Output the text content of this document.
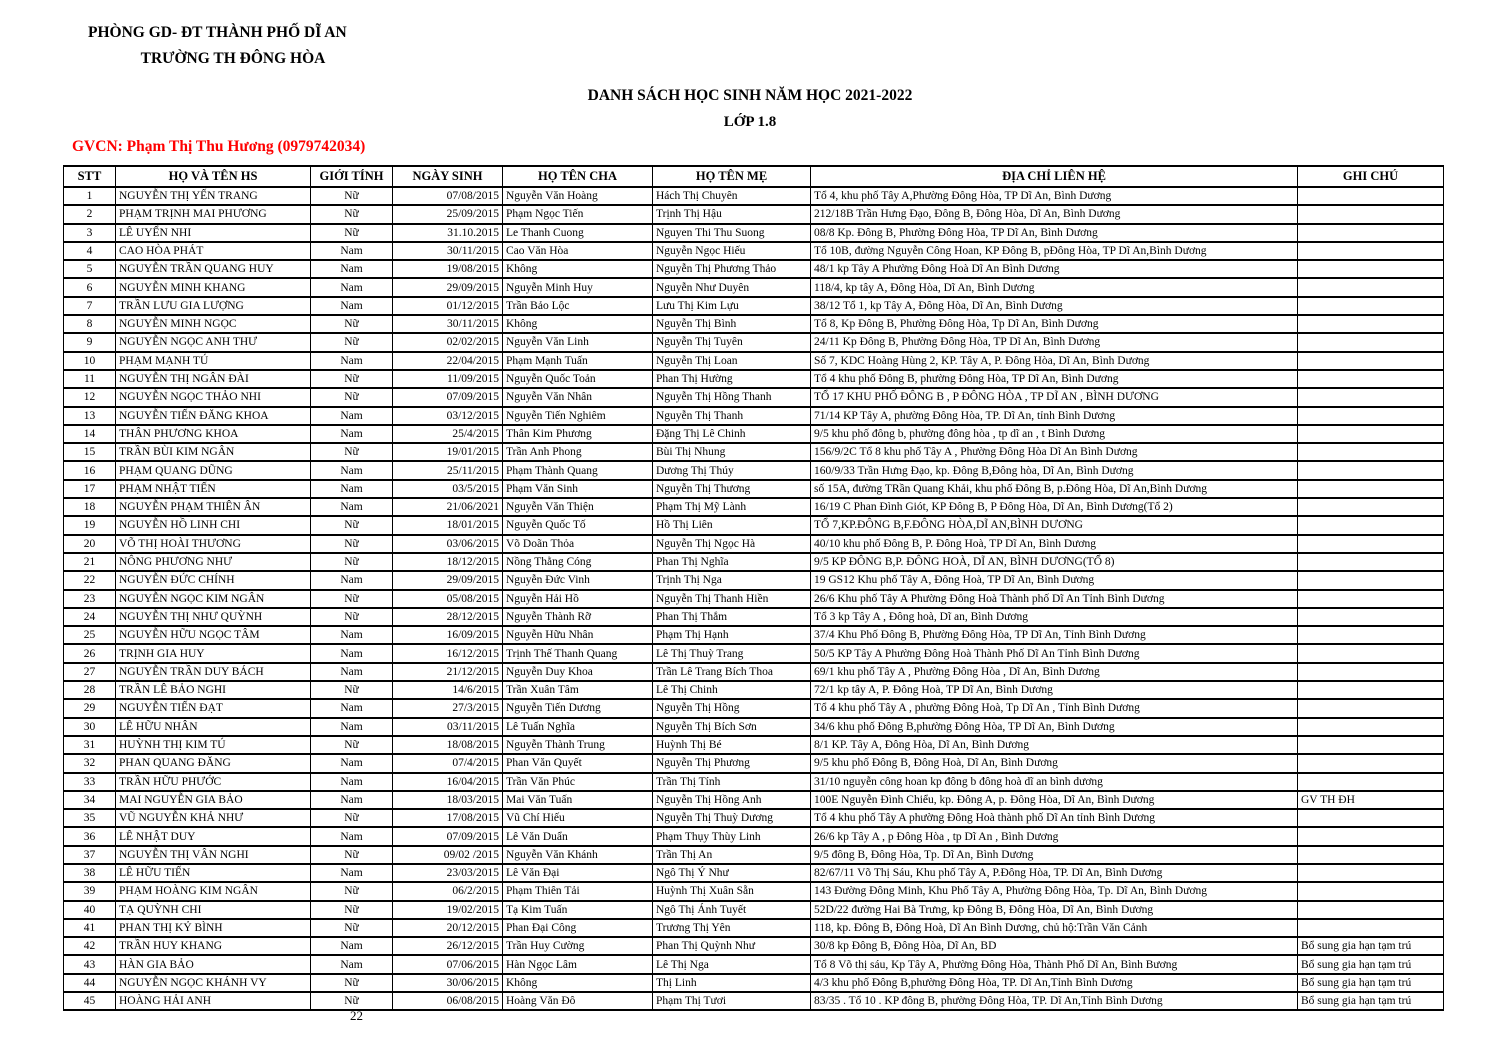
PHÒNG GD- ĐT THÀNH PHỐ DĨ AN
TRƯỜNG TH ĐÔNG HÒA
DANH SÁCH HỌC SINH NĂM HỌC 2021-2022
LỚP 1.8
GVCN: Phạm Thị Thu Hương (0979742034)
STT	HỌ VÀ TÊN HS	GIỚI TÍNH	NGÀY SINH	HỌ TÊN CHA	HỌ TÊN MẸ	ĐỊA CHỈ LIÊN HỆ	GHI CHÚ
1	NGUYỄN THỊ YẾN TRANG	Nữ	07/08/2015	Nguyễn Văn Hoàng	Hách Thị Chuyên	Tổ 4, khu phố Tây A,Phường Đông Hòa, TP Dĩ An, Bình Dương	
2	PHẠM TRỊNH MAI PHƯƠNG	Nữ	25/09/2015	Phạm Ngọc Tiến	Trịnh Thị Hậu	212/18B Trần Hưng Đạo, Đông B, Đông Hòa, Dĩ An, Bình Dương	
3	LÊ UYỂN NHI	Nữ	31.10.2015	Le Thanh Cuong	Nguyen Thi Thu Suong	08/8 Kp. Đông B, Phường Đông Hòa, TP Dĩ An, Bình Dương	
4	CAO HÒA PHÁT	Nam	30/11/2015	Cao Văn Hòa	Nguyễn Ngọc Hiếu	Tổ 10B, đường Nguyễn Công Hoan, KP Đông B, pĐông Hòa, TP Dĩ An,Bình Dương	
5	NGUYỄN TRẦN QUANG HUY	Nam	19/08/2015	Không	Nguyễn Thị Phương Thảo	48/1 kp Tây A Phường Đông Hoà Dĩ An Bình Dương	
6	NGUYỄN MINH KHANG	Nam	29/09/2015	Nguyễn Minh Huy	Nguyễn Như Duyên	118/4, kp tây A, Đông Hòa, Dĩ An, Bình Dương	
7	TRẦN LƯU GIA LƯỢNG	Nam	01/12/2015	Trần Bảo Lộc	Lưu Thị Kim Lựu	38/12 Tổ 1, kp Tây A, Đông Hòa, Dĩ An, Bình Dương	
8	NGUYỄN MINH NGỌC	Nữ	30/11/2015	Không	Nguyễn Thị Bình	Tổ 8, Kp Đông B, Phường Đông Hòa, Tp Dĩ An, Bình Dương	
9	NGUYỄN NGỌC ANH THƯ	Nữ	02/02/2015	Nguyễn Văn Linh	Nguyễn Thị Tuyên	24/11 Kp Đông B, Phường Đông Hòa, TP Dĩ An, Bình Dương	
10	PHẠM MẠNH TÚ	Nam	22/04/2015	Phạm Mạnh Tuấn	Nguyễn Thị Loan	Số 7, KDC Hoàng Hùng 2, KP. Tây A, P. Đông Hòa, Dĩ An, Bình Dương	
11	NGUYỄN THỊ NGÂN ĐÀI	Nữ	11/09/2015	Nguyễn Quốc Toản	Phan Thị Hường	Tổ 4 khu phố Đông B, phường Đông Hòa, TP Dĩ An, Bình Dương	
12	NGUYỄN NGỌC THẢO NHI	Nữ	07/09/2015	Nguyễn Văn Nhân	Nguyễn Thị Hồng Thanh	TỔ 17 KHU PHỐ ĐÔNG B , P ĐÔNG HÒA , TP DĨ AN , BÌNH DƯƠNG	
13	NGUYỄN TIẾN ĐĂNG KHOA	Nam	03/12/2015	Nguyễn Tiến Nghiêm	Nguyễn Thị Thanh	71/14 KP Tây A, phường Đông Hòa, TP. Dĩ An, tỉnh Bình Dương	
14	THÂN PHƯƠNG KHOA	Nam	25/4/2015	Thân Kim Phương	Đặng Thị Lê Chinh	9/5 khu phố đông b, phường đông hòa , tp dĩ an , t Bình Dương	
15	TRẦN BÙI KIM NGÂN	Nữ	19/01/2015	Trần Anh Phong	Bùi Thị Nhung	156/9/2C Tổ 8 khu phố Tây A , Phường Đông Hòa Dĩ An Bình Dương	
16	PHẠM QUANG DŨNG	Nam	25/11/2015	Phạm Thành Quang	Dương Thị Thúy	160/9/33 Trần Hưng Đạo, kp. Đông B,Đông hòa, Dĩ An, Bình Dương	
17	PHẠM NHẬT TIẾN	Nam	03/5/2015	Phạm Văn Sinh	Nguyễn Thị Thương	số 15A, đường TRần Quang Khải, khu phố Đông B, p.Đông Hòa, Dĩ An,Bình Dương	
18	NGUYỄN PHẠM THIÊN ÂN	Nam	21/06/2021	Nguyễn Văn Thiện	Phạm Thị Mỹ Lành	16/19 C Phan Đình Giót, KP Đông B, P Đông Hòa, Dĩ An, Bình Dương(Tổ 2)	
19	NGUYỄN HỒ LINH CHI	Nữ	18/01/2015	Nguyễn Quốc Tố	Hồ Thị Liên	TỔ 7,KP.ĐÔNG B,F.ĐÔNG HÒA,DĨ AN,BÌNH DƯƠNG	
20	VÕ THỊ HOÀI THƯƠNG	Nữ	03/06/2015	Võ Doãn Thỏa	Nguyễn Thị Ngọc Hà	40/10 khu phố Đông B, P. Đông Hoà, TP Dĩ An, Bình Dương	
21	NÔNG PHƯƠNG NHƯ	Nữ	18/12/2015	Nồng Thằng Cóng	Phan Thị Nghĩa	9/5 KP ĐÔNG B,P. ĐÔNG HOÀ, DĨ AN, BÌNH DƯƠNG(TỔ 8)	
22	NGUYỄN ĐỨC CHÍNH	Nam	29/09/2015	Nguyễn Đức Vinh	Trịnh Thị Nga	19 GS12 Khu phố Tây A, Đông Hoà, TP Dĩ An, Bình Dương	
23	NGUYỄN NGỌC KIM NGÂN	Nữ	05/08/2015	Nguyễn Hải Hồ	Nguyễn Thị Thanh Hiền	26/6 Khu phố Tây A Phường Đông Hoà Thành phố Dĩ An Tỉnh Bình Dương	
24	NGUYỄN THỊ NHƯ QUỲNH	Nữ	28/12/2015	Nguyễn Thành Rỡ	Phan Thị Thắm	Tổ 3 kp Tây A , Đông hoà, Dĩ an, Bình Dương	
25	NGUYỄN HỮU NGỌC TÂM	Nam	16/09/2015	Nguyễn Hữu Nhân	Phạm Thị Hạnh	37/4 Khu Phố Đông B, Phường Đông Hòa, TP Dĩ An, Tỉnh Bình Dương	
26	TRỊNH GIA HUY	Nam	16/12/2015	Trịnh Thế Thanh Quang	Lê Thị Thuỳ Trang	50/5 KP Tây A Phường Đông Hoà Thành Phố Dĩ An Tỉnh Bình Dương	
27	NGUYỄN TRẦN DUY BÁCH	Nam	21/12/2015	Nguyễn Duy Khoa	Trần Lê Trang Bích Thoa	69/1 khu phố Tây A , Phường Đông Hòa , Dĩ An, Bình Dương	
28	TRẦN LÊ BẢO NGHI	Nữ	14/6/2015	Trần Xuân Tâm	Lê Thị Chinh	72/1 kp tây A, P. Đông Hoà, TP Dĩ An, Bình Dương	
29	NGUYỄN TIẾN ĐẠT	Nam	27/3/2015	Nguyễn Tiến Dương	Nguyễn Thị Hồng	Tổ 4 khu phố Tây A , phường Đông Hoà, Tp Dĩ An , Tỉnh Bình Dương	
30	LÊ HỮU NHÂN	Nam	03/11/2015	Lê Tuấn Nghĩa	Nguyễn Thị Bích Sơn	34/6 khu phố Đông B,phường Đông Hòa, TP Dĩ An, Bình Dương	
31	HUỲNH THỊ KIM TÚ	Nữ	18/08/2015	Nguyễn Thành Trung	Huỳnh Thị Bé	8/1 KP. Tây A, Đông Hòa, Dĩ An, Bình Dương	
32	PHAN QUANG ĐĂNG	Nam	07/4/2015	Phan Văn Quyết	Nguyễn Thị Phương	9/5 khu phố Đông B, Đông Hoà, Dĩ An, Bình Dương	
33	TRẦN HỮU PHƯỚC	Nam	16/04/2015	Trần Văn Phúc	Trần Thị Tính	31/10 nguyễn công hoan kp đông b đông hoà dĩ an bình dương	
34	MAI NGUYỄN GIA BẢO	Nam	18/03/2015	Mai Văn Tuấn	Nguyễn Thị Hồng Anh	100E Nguyễn Đình Chiểu, kp. Đông A, p. Đông Hòa, Dĩ An, Bình Dương	GV TH ĐH
35	VŨ NGUYỄN KHẢ NHƯ	Nữ	17/08/2015	Vũ Chí Hiếu	Nguyễn Thị Thuỳ Dương	Tổ 4 khu phố Tây A phường Đông Hoà thành phố Dĩ An tỉnh Bình Dương	
36	LÊ NHẬT DUY	Nam	07/09/2015	Lê Văn Duẩn	Phạm Thụy Thùy Linh	26/6 kp Tây A , p Đông Hòa , tp Dĩ An , Bình Dương	
37	NGUYỄN THỊ VÂN NGHI	Nữ	09/02 /2015	Nguyễn Văn Khánh	Trần Thị An	9/5 đông B, Đông Hòa, Tp. Dĩ An, Bình Dương	
38	LÊ HỮU TIẾN	Nam	23/03/2015	Lê Văn Đại	Ngô Thị Ý Như	82/67/11 Võ Thị Sáu, Khu phố Tây A, P.Đông Hòa, TP. Dĩ An, Bình Dương	
39	PHẠM HOÀNG KIM NGÂN	Nữ	06/2/2015	Phạm Thiên Tải	Huỳnh Thị Xuân Sẵn	143 Đường Đông Minh, Khu Phố Tây A, Phường Đông Hòa, Tp. Dĩ An, Bình Dương	
40	TẠ QUỲNH CHI	Nữ	19/02/2015	Tạ Kim Tuấn	Ngô Thị Ánh Tuyết	52D/22 đường Hai Bà Trưng, kp Đông B, Đông Hòa, Dĩ An, Bình Dương	
41	PHAN THỊ KỶ BÌNH	Nữ	20/12/2015	Phan Đại Công	Trương Thị Yên	118, kp. Đông B, Đông Hoà, Dĩ An Bình Dương, chủ hộ:Trần Văn Cảnh	
42	TRẦN HUY KHANG	Nam	26/12/2015	Trần Huy Cường	Phan Thị Quỳnh Như	30/8 kp Đông B, Đông Hòa, Dĩ An, BD	Bổ sung gia hạn tạm trú
43	HÀN GIA BẢO	Nam	07/06/2015	Hàn Ngọc Lâm	Lê Thị Nga	Tổ 8 Võ thị sáu, Kp Tây A, Phường Đông Hòa, Thành Phố Dĩ An, Bình Bương	Bổ sung gia hạn tạm trú
44	NGUYỄN NGỌC KHÁNH VY	Nữ	30/06/2015	Không	Thị Linh	4/3 khu phố Đông B,phường Đông Hòa, TP. Dĩ An,Tỉnh Bình Dương	Bổ sung gia hạn tạm trú
45	HOÀNG HẢI ANH	Nữ	06/08/2015	Hoàng Văn Đô	Phạm Thị Tươi	83/35 . Tổ 10 . KP đông B, phường Đông Hòa, TP. Dĩ An,Tỉnh Bình Dương	Bổ sung gia hạn tạm trú
22
